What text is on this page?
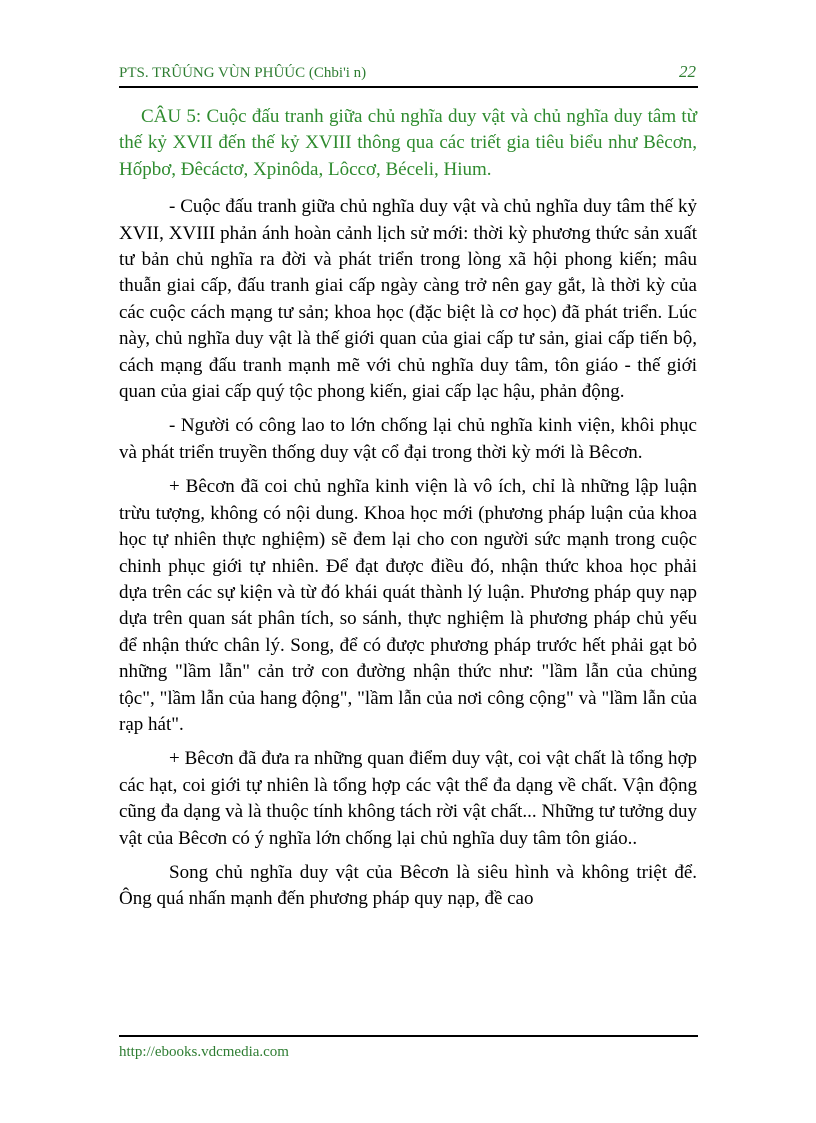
PTS. TRÛÚNG VÙN PHÛÚC (Chbi'i n)	22

CÂU 5: Cuộc đấu tranh giữa chủ nghĩa duy vật và chủ nghĩa duy tâm từ thế kỷ XVII đến thế kỷ XVIII thông qua các triết gia tiêu biểu như Bêcơn, Hốpbơ, Đêcáctơ, Xpinôda, Lôccơ, Béceli, Hium.

- Cuộc đấu tranh giữa chủ nghĩa duy vật và chủ nghĩa duy tâm thế kỷ XVII, XVIII phản ánh hoàn cảnh lịch sử mới: thời kỳ phương thức sản xuất tư bản chủ nghĩa ra đời và phát triển trong lòng xã hội phong kiến; mâu thuẫn giai cấp, đấu tranh giai cấp ngày càng trở nên gay gắt, là thời kỳ của các cuộc cách mạng tư sản; khoa học (đặc biệt là cơ học) đã phát triển. Lúc này, chủ nghĩa duy vật là thế giới quan của giai cấp tư sản, giai cấp tiến bộ, cách mạng đấu tranh mạnh mẽ với chủ nghĩa duy tâm, tôn giáo - thế giới quan của giai cấp quý tộc phong kiến, giai cấp lạc hậu, phản động.

- Người có công lao to lớn chống lại chủ nghĩa kinh viện, khôi phục và phát triển truyền thống duy vật cổ đại trong thời kỳ mới là Bêcơn.

+ Bêcơn đã coi chủ nghĩa kinh viện là vô ích, chỉ là những lập luận trừu tượng, không có nội dung. Khoa học mới (phương pháp luận của khoa học tự nhiên thực nghiệm) sẽ đem lại cho con người sức mạnh trong cuộc chinh phục giới tự nhiên. Để đạt được điều đó, nhận thức khoa học phải dựa trên các sự kiện và từ đó khái quát thành lý luận. Phương pháp quy nạp dựa trên quan sát phân tích, so sánh, thực nghiệm là phương pháp chủ yếu để nhận thức chân lý. Song, để có được phương pháp trước hết phải gạt bỏ những "lầm lẫn" cản trở con đường nhận thức như: "lầm lẫn của chủng tộc", "lầm lẫn của hang động", "lầm lẫn của nơi công cộng" và "lầm lẫn của rạp hát".

+ Bêcơn đã đưa ra những quan điểm duy vật, coi vật chất là tổng hợp các hạt, coi giới tự nhiên là tổng hợp các vật thể đa dạng về chất. Vận động cũng đa dạng và là thuộc tính không tách rời vật chất... Những tư tưởng duy vật của Bêcơn có ý nghĩa lớn chống lại chủ nghĩa duy tâm tôn giáo..

Song chủ nghĩa duy vật của Bêcơn là siêu hình và không triệt để. Ông quá nhấn mạnh đến phương pháp quy nạp, đề cao

http://ebooks.vdcmedia.com
